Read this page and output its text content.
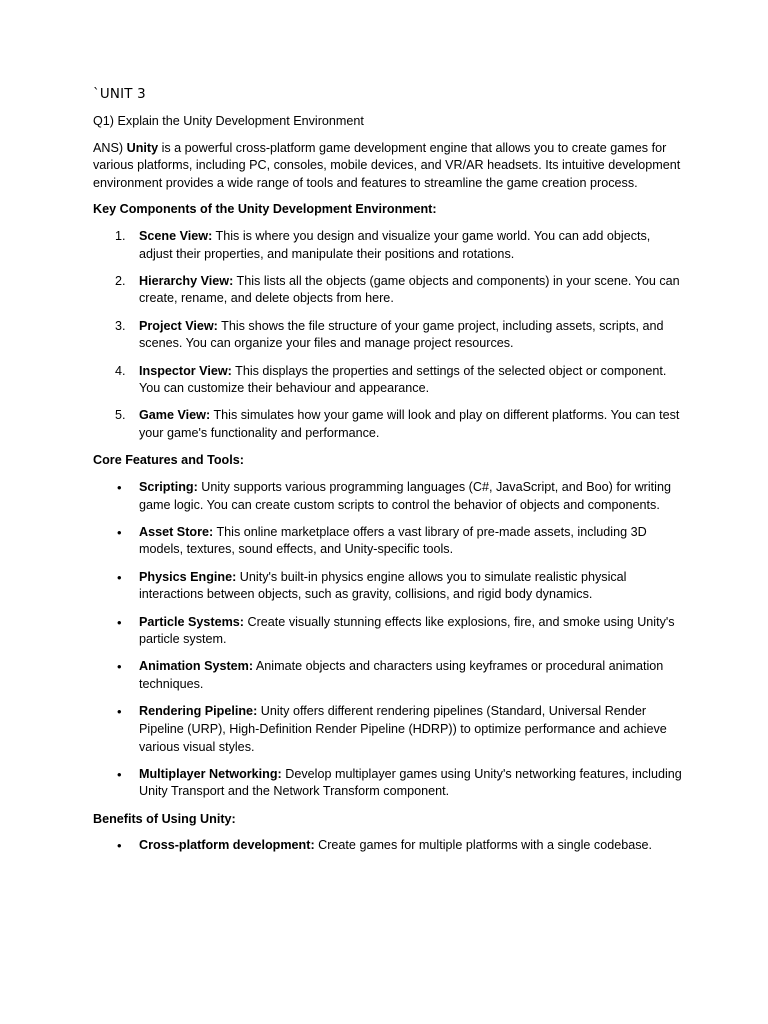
`UNIT 3
Q1) Explain the Unity Development Environment
ANS) Unity is a powerful cross-platform game development engine that allows you to create games for various platforms, including PC, consoles, mobile devices, and VR/AR headsets. Its intuitive development environment provides a wide range of tools and features to streamline the game creation process.
Key Components of the Unity Development Environment:
1.	Scene View: This is where you design and visualize your game world. You can add objects, adjust their properties, and manipulate their positions and rotations.
2.	Hierarchy View: This lists all the objects (game objects and components) in your scene. You can create, rename, and delete objects from here.
3.	Project View: This shows the file structure of your game project, including assets, scripts, and scenes. You can organize your files and manage project resources.
4.	Inspector View: This displays the properties and settings of the selected object or component. You can customize their behaviour and appearance.
5.	Game View: This simulates how your game will look and play on different platforms. You can test your game's functionality and performance.
Core Features and Tools:
•	Scripting: Unity supports various programming languages (C#, JavaScript, and Boo) for writing game logic. You can create custom scripts to control the behavior of objects and components.
•	Asset Store: This online marketplace offers a vast library of pre-made assets, including 3D models, textures, sound effects, and Unity-specific tools.
•	Physics Engine: Unity's built-in physics engine allows you to simulate realistic physical interactions between objects, such as gravity, collisions, and rigid body dynamics.
•	Particle Systems: Create visually stunning effects like explosions, fire, and smoke using Unity's particle system.
•	Animation System: Animate objects and characters using keyframes or procedural animation techniques.
•	Rendering Pipeline: Unity offers different rendering pipelines (Standard, Universal Render Pipeline (URP), High-Definition Render Pipeline (HDRP)) to optimize performance and achieve various visual styles.
•	Multiplayer Networking: Develop multiplayer games using Unity's networking features, including Unity Transport and the Network Transform component.
Benefits of Using Unity:
•	Cross-platform development: Create games for multiple platforms with a single codebase.
